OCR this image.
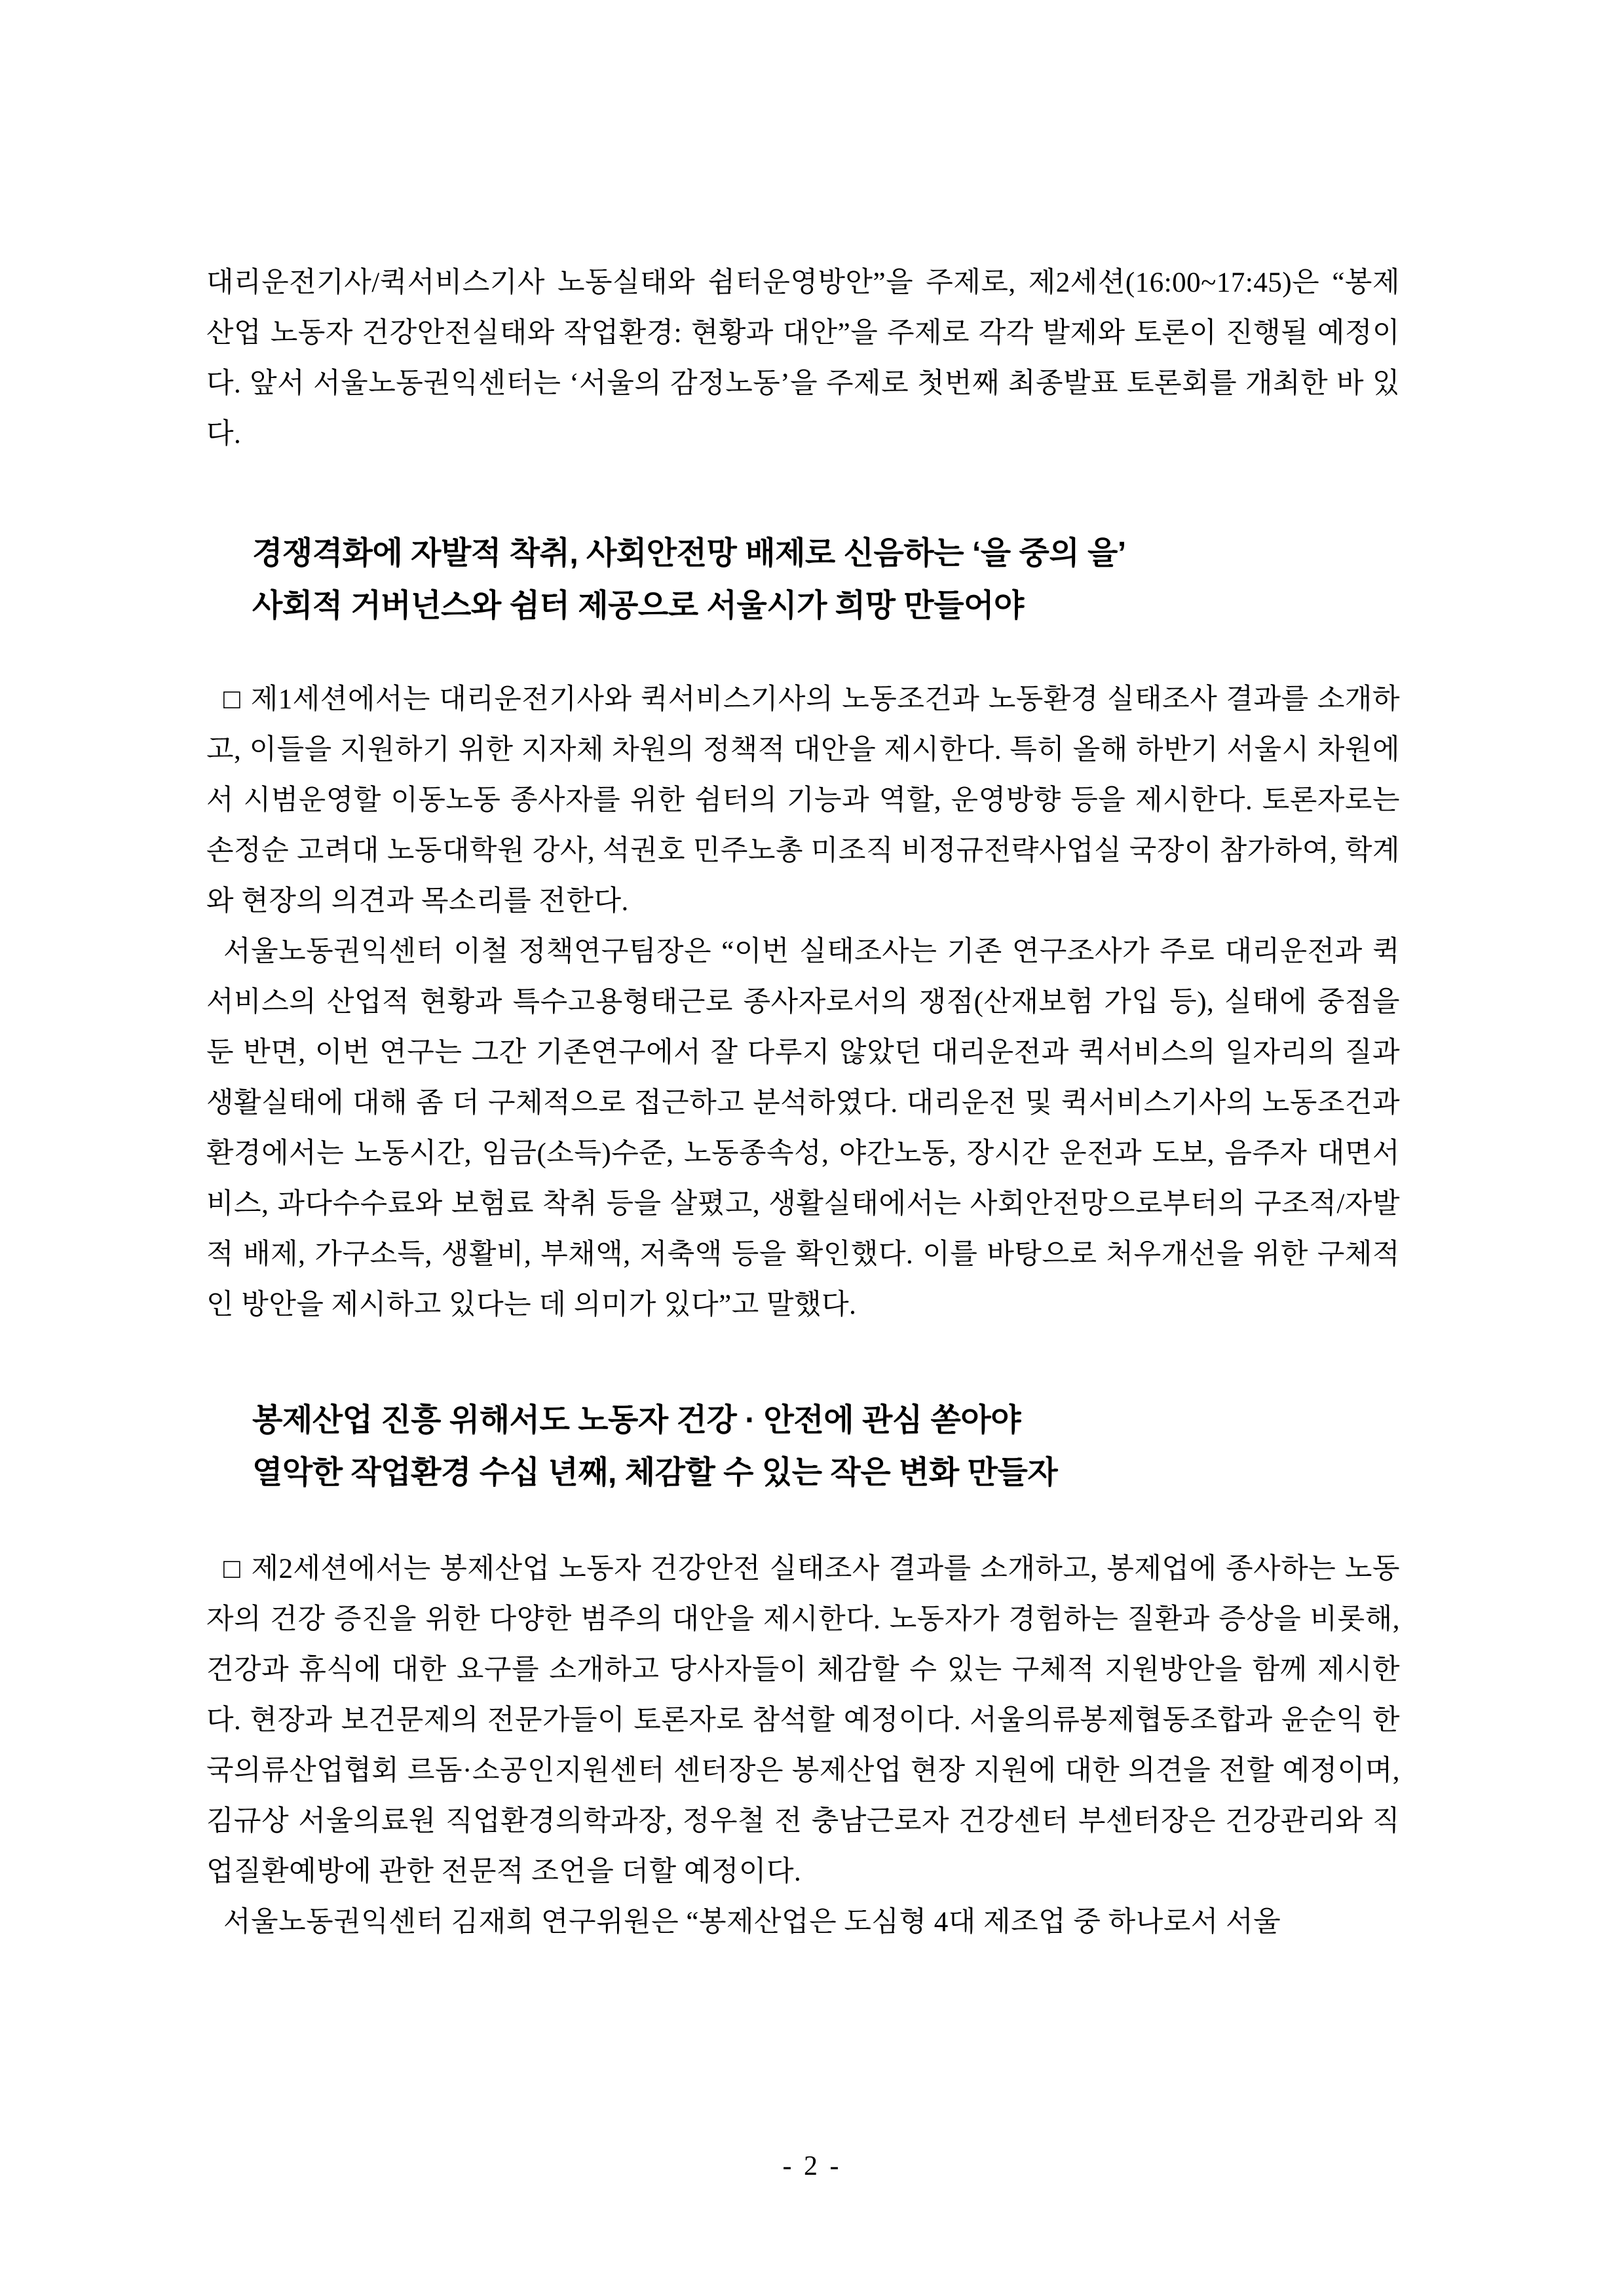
대리운전기사/퀵서비스기사 노동실태와 쉼터운영방안”을 주제로, 제2세션(16:00~17:45)은 “봉제산업 노동자 건강안전실태와 작업환경: 현황과 대안”을 주제로 각각 발제와 토론이 진행될 예정이다. 앞서 서울노동권익센터는 ‘서울의 감정노동’을 주제로 첫번째 최종발표 토론회를 개최한 바 있다.

경쟁격화에 자발적 착취, 사회안전망 배제로 신음하는 ‘을 중의 을’
사회적 거버넌스와 쉼터 제공으로 서울시가 희망 만들어야

□ 제1세션에서는 대리운전기사와 퀵서비스기사의 노동조건과 노동환경 실태조사 결과를 소개하고, 이들을 지원하기 위한 지자체 차원의 정책적 대안을 제시한다. 특히 올해 하반기 서울시 차원에서 시범운영할 이동노동 종사자를 위한 쉼터의 기능과 역할, 운영방향 등을 제시한다. 토론자로는 손정순 고려대 노동대학원 강사, 석권호 민주노총 미조직 비정규전략사업실 국장이 참가하여, 학계와 현장의 의견과 목소리를 전한다.

서울노동권익센터 이철 정책연구팀장은 “이번 실태조사는 기존 연구조사가 주로 대리운전과 퀵서비스의 산업적 현황과 특수고용형태근로 종사자로서의 쟁점(산재보험 가입 등), 실태에 중점을 둔 반면, 이번 연구는 그간 기존연구에서 잘 다루지 않았던 대리운전과 퀵서비스의 일자리의 질과 생활실태에 대해 좀 더 구체적으로 접근하고 분석하였다. 대리운전 및 퀵서비스기사의 노동조건과 환경에서는 노동시간, 임금(소득)수준, 노동종속성, 야간노동, 장시간 운전과 도보, 음주자 대면서비스, 과다수수료와 보험료 착취 등을 살폈고, 생활실태에서는 사회안전망으로부터의 구조적/자발적 배제, 가구소득, 생활비, 부채액, 저축액 등을 확인했다. 이를 바탕으로 처우개선을 위한 구체적인 방안을 제시하고 있다는 데 의미가 있다”고 말했다.

봉제산업 진흥 위해서도 노동자 건강 · 안전에 관심 쏟아야
열악한 작업환경 수십 년째, 체감할 수 있는 작은 변화 만들자

□ 제2세션에서는 봉제산업 노동자 건강안전 실태조사 결과를 소개하고, 봉제업에 종사하는 노동자의 건강 증진을 위한 다양한 범주의 대안을 제시한다. 노동자가 경험하는 질환과 증상을 비롯해, 건강과 휴식에 대한 요구를 소개하고 당사자들이 체감할 수 있는 구체적 지원방안을 함께 제시한다. 현장과 보건문제의 전문가들이 토론자로 참석할 예정이다. 서울의류봉제협동조합과 윤순익 한국의류산업협회 르돔·소공인지원센터 센터장은 봉제산업 현장 지원에 대한 의견을 전할 예정이며, 김규상 서울의료원 직업환경의학과장, 정우철 전 충남근로자 건강센터 부센터장은 건강관리와 직업질환예방에 관한 전문적 조언을 더할 예정이다.

서울노동권익센터 김재희 연구위원은 “봉제산업은 도심형 4대 제조업 중 하나로서 서울

- 2 -
